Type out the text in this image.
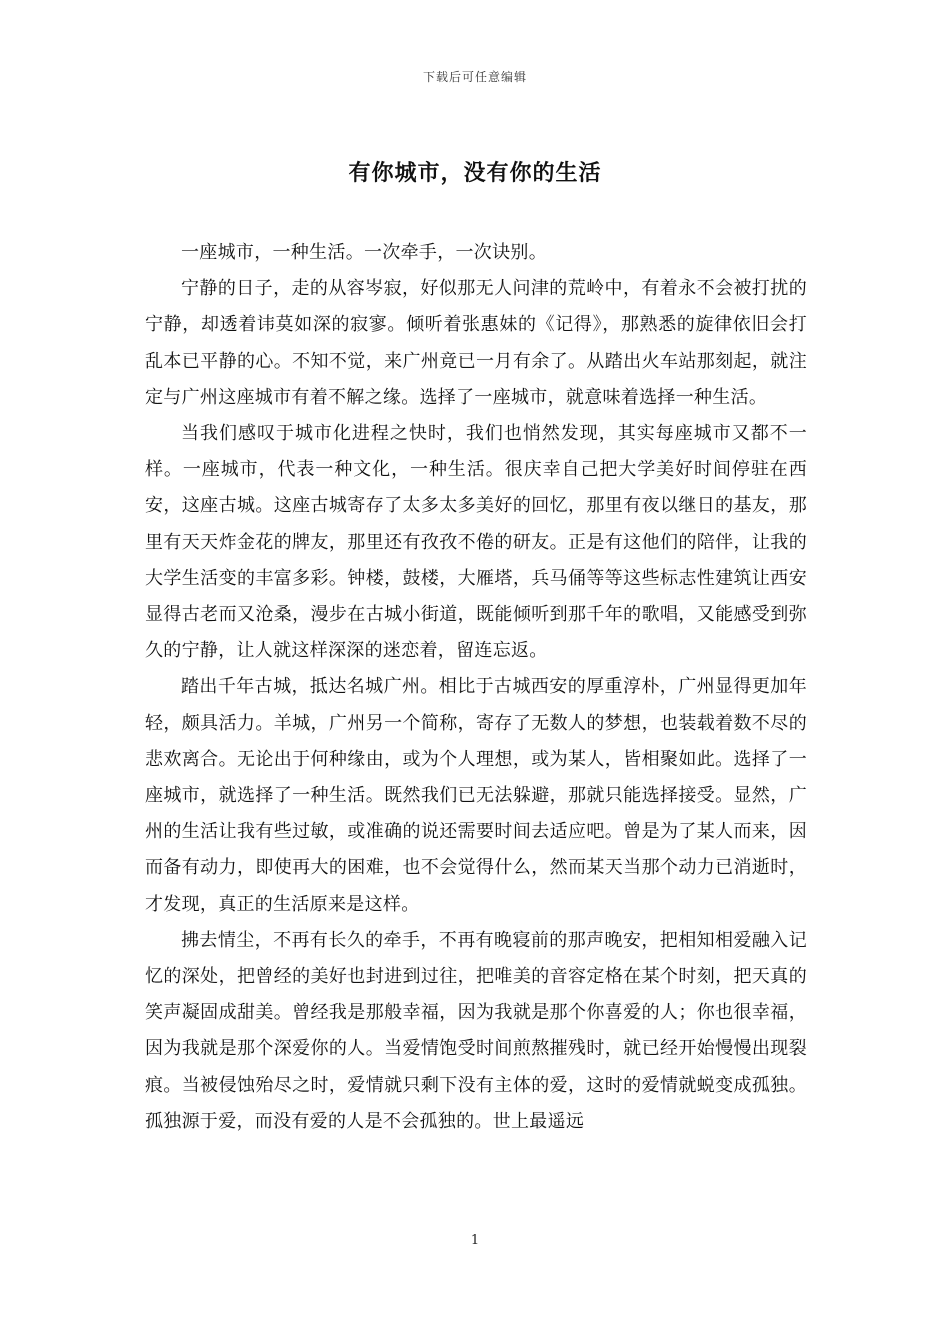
下载后可任意编辑
有你城市，没有你的生活

一座城市，一种生活。一次牵手，一次诀别。

宁静的日子，走的从容岑寂，好似那无人问津的荒岭中，有着永不会被打扰的宁静，却透着讳莫如深的寂寥。倾听着张惠妹的《记得》，那熟悉的旋律依旧会打乱本已平静的心。不知不觉，来广州竟已一月有余了。从踏出火车站那刻起，就注定与广州这座城市有着不解之缘。选择了一座城市，就意味着选择一种生活。

当我们感叹于城市化进程之快时，我们也悄然发现，其实每座城市又都不一样。一座城市，代表一种文化，一种生活。很庆幸自己把大学美好时间停驻在西安，这座古城。这座古城寄存了太多太多美好的回忆，那里有夜以继日的基友，那里有天天炸金花的牌友，那里还有孜孜不倦的研友。正是有这他们的陪伴，让我的大学生活变的丰富多彩。钟楼，鼓楼，大雁塔，兵马俑等等这些标志性建筑让西安显得古老而又沧桑，漫步在古城小街道，既能倾听到那千年的歌唱，又能感受到弥久的宁静，让人就这样深深的迷恋着，留连忘返。

踏出千年古城，抵达名城广州。相比于古城西安的厚重淳朴，广州显得更加年轻，颇具活力。羊城，广州另一个简称，寄存了无数人的梦想，也装载着数不尽的悲欢离合。无论出于何种缘由，或为个人理想，或为某人，皆相聚如此。选择了一座城市，就选择了一种生活。既然我们已无法躲避，那就只能选择接受。显然，广州的生活让我有些过敏，或准确的说还需要时间去适应吧。曾是为了某人而来，因而备有动力，即使再大的困难，也不会觉得什么，然而某天当那个动力已消逝时，才发现，真正的生活原来是这样。

拂去情尘，不再有长久的牵手，不再有晚寝前的那声晚安，把相知相爱融入记忆的深处，把曾经的美好也封进到过往，把唯美的音容定格在某个时刻，把天真的笑声凝固成甜美。曾经我是那般幸福，因为我就是那个你喜爱的人；你也很幸福，因为我就是那个深爱你的人。当爱情饱受时间煎熬摧残时，就已经开始慢慢出现裂痕。当被侵蚀殆尽之时，爱情就只剩下没有主体的爱，这时的爱情就蜕变成孤独。孤独源于爱，而没有爱的人是不会孤独的。世上最遥远

1
